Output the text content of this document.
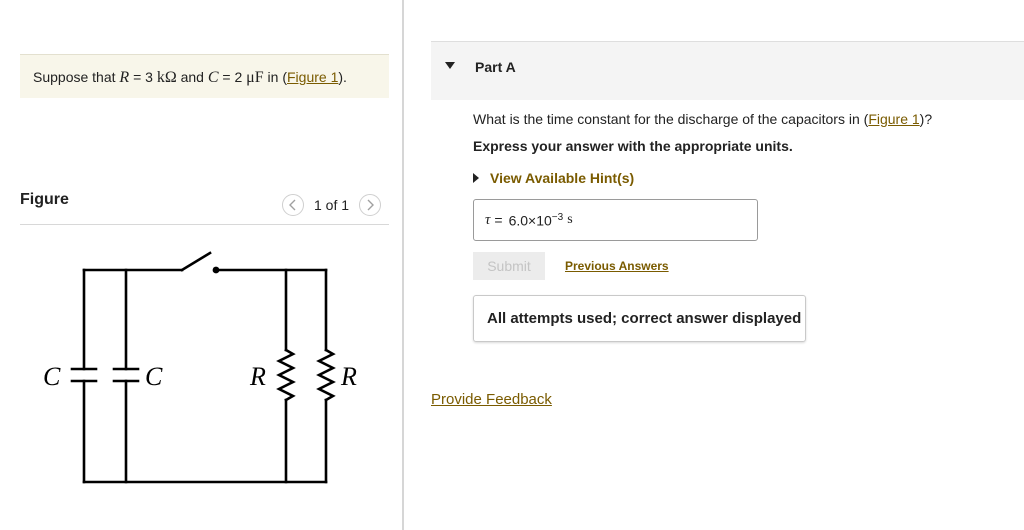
Suppose that R = 3 kΩ and C = 2 μF in (Figure 1).
Figure	1 of 1
C	C	R	R
Part A
What is the time constant for the discharge of the capacitors in (Figure 1)?
Express your answer with the appropriate units.
View Available Hint(s)
$\tau = 6.0\times 10^{-3}$ s
Submit	Previous Answers
All attempts used; correct answer displayed
Provide Feedback
